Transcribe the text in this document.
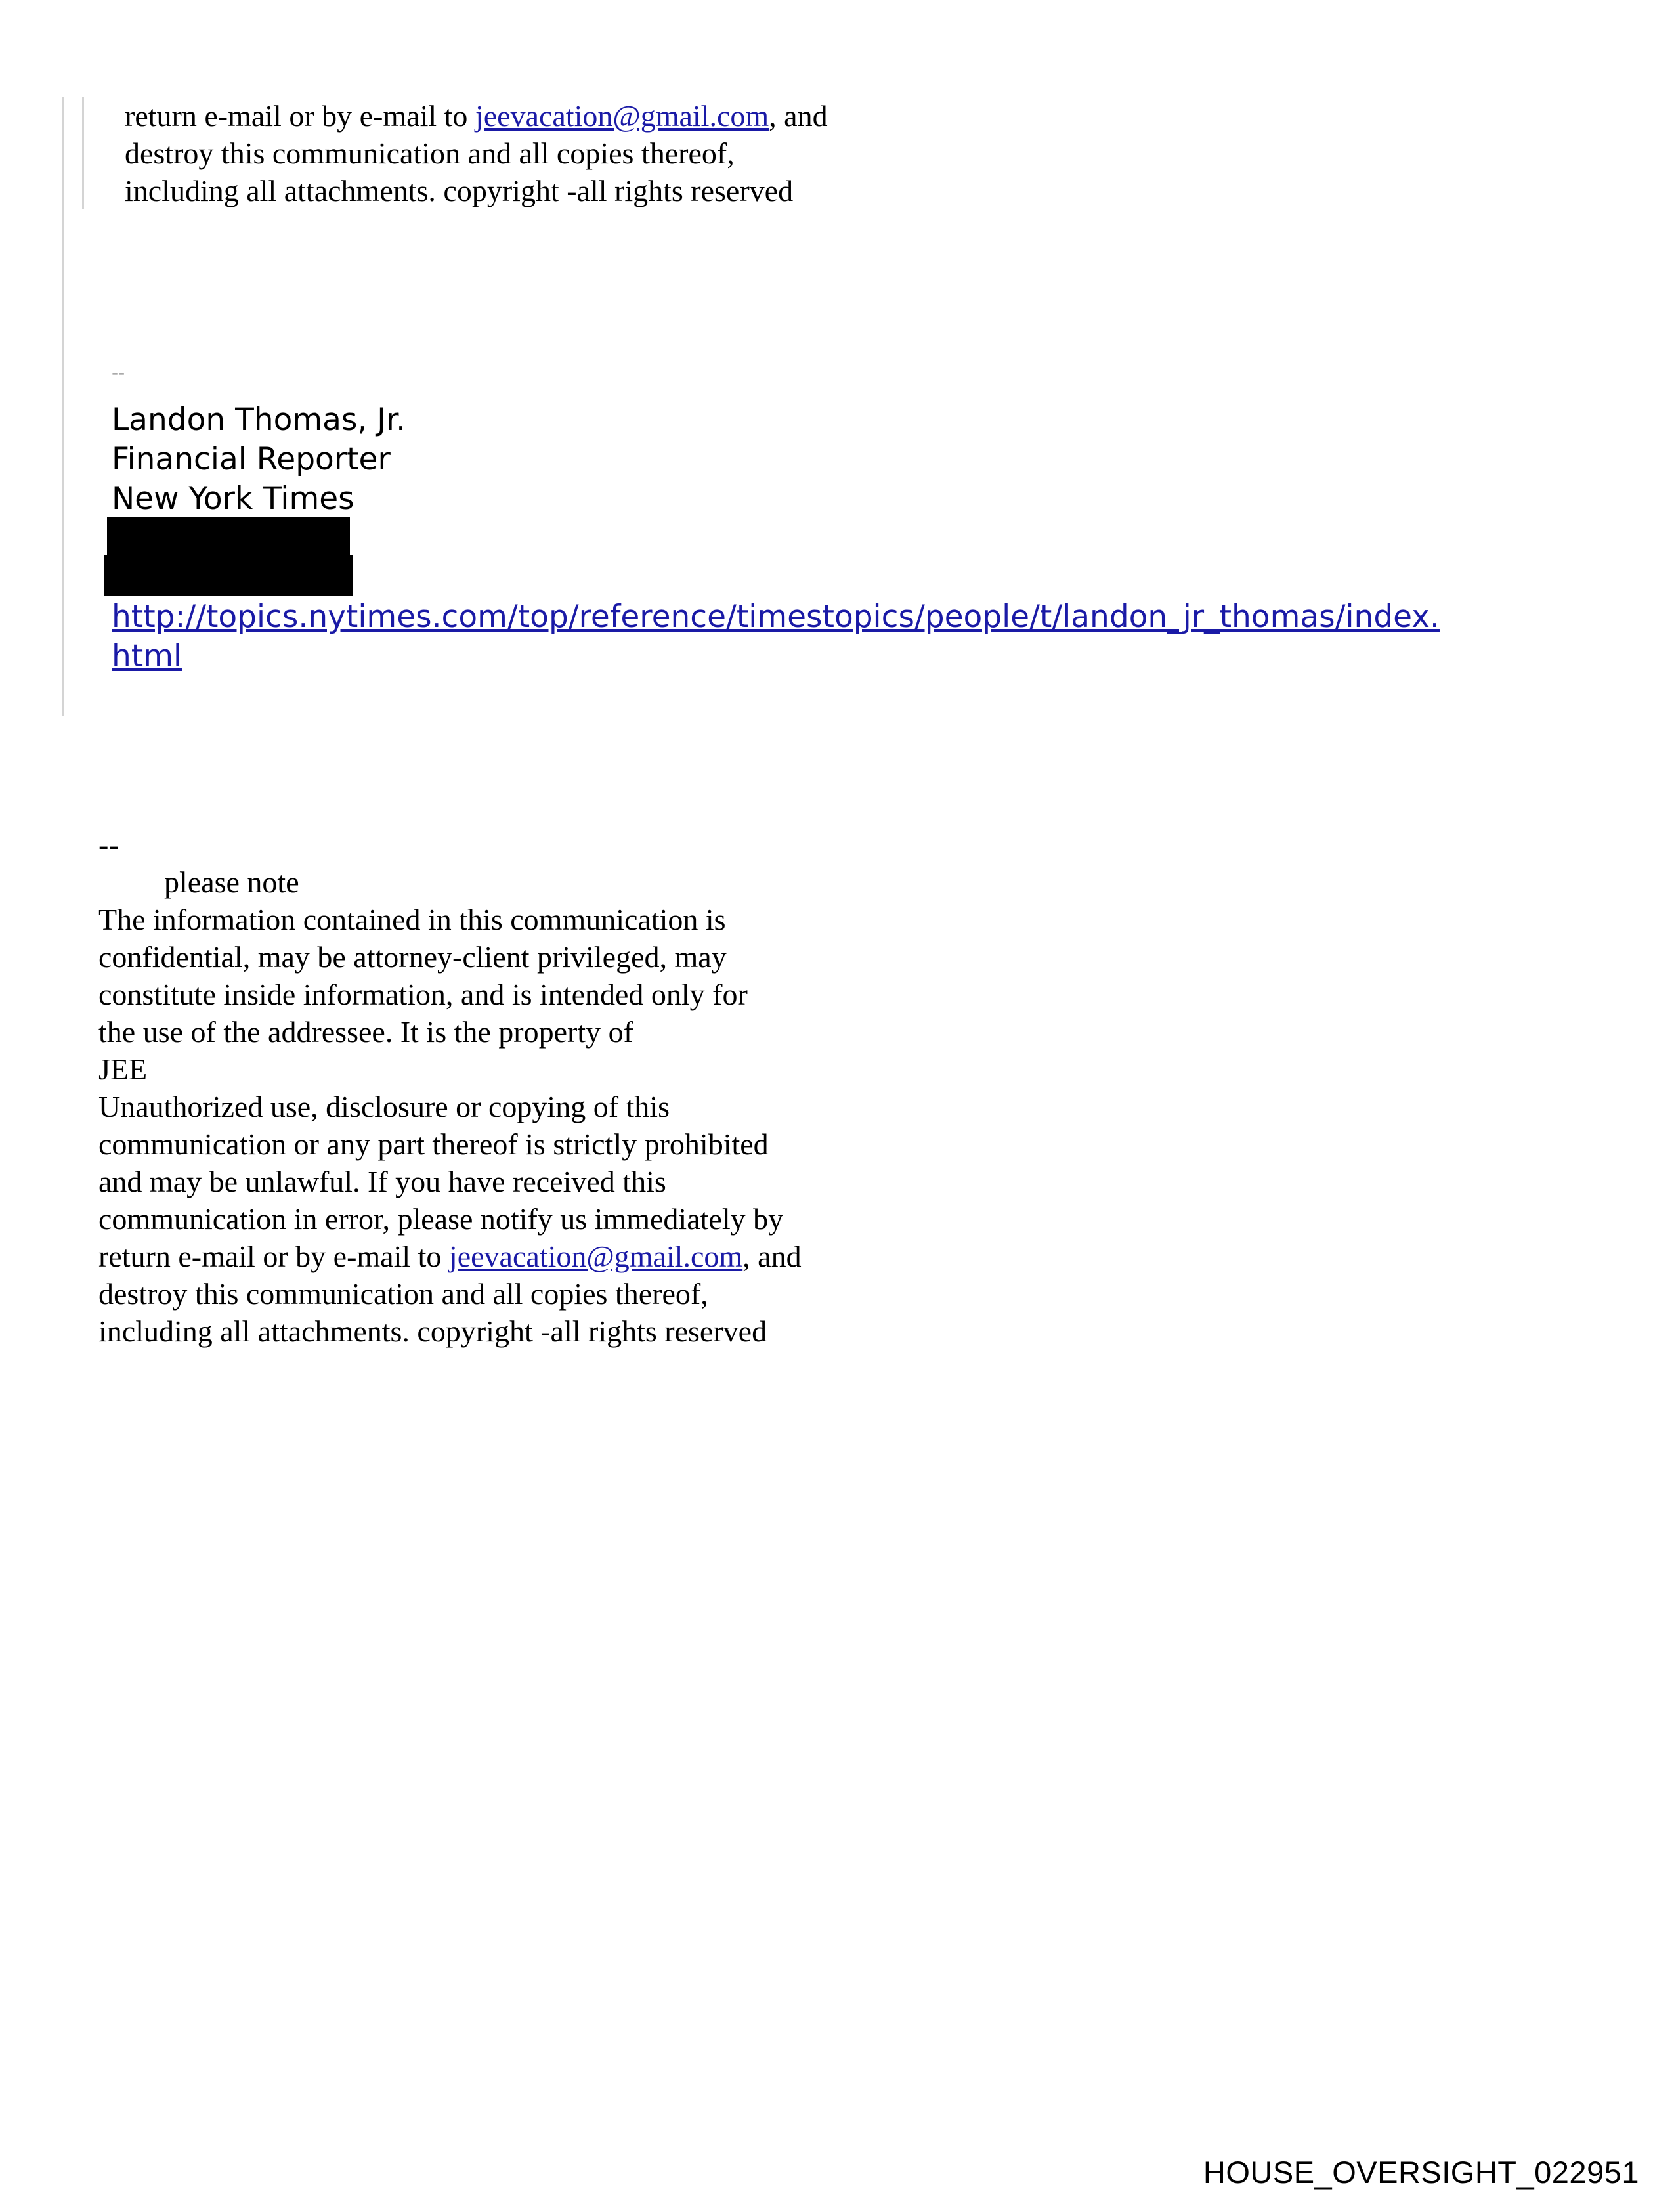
return e-mail or by e-mail to jeevacation@gmail.com, and
destroy this communication and all copies thereof,
including all attachments. copyright -all rights reserved
--
Landon Thomas, Jr.
Financial Reporter
New York Times
http://topics.nytimes.com/top/reference/timestopics/people/t/landon_jr_thomas/index.
html
--
please note
The information contained in this communication is
confidential, may be attorney-client privileged, may
constitute inside information, and is intended only for
the use of the addressee. It is the property of
JEE
Unauthorized use, disclosure or copying of this
communication or any part thereof is strictly prohibited
and may be unlawful. If you have received this
communication in error, please notify us immediately by
return e-mail or by e-mail to jeevacation@gmail.com, and
destroy this communication and all copies thereof,
including all attachments. copyright -all rights reserved
HOUSE_OVERSIGHT_022951
